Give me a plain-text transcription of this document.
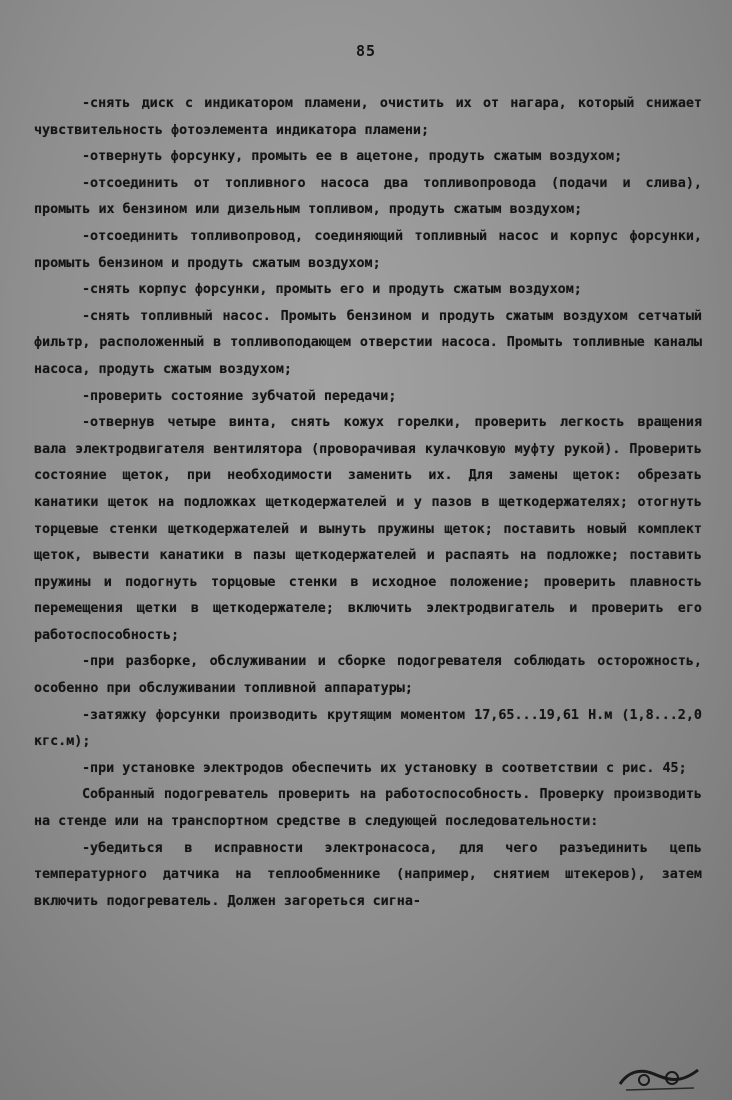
85

-снять диск с индикатором пламени, очистить их от нагара, который снижает чувствительность фотоэлемента индикатора пламени;

-отвернуть форсунку, промыть ее в ацетоне, продуть сжатым воздухом;

-отсоединить от топливного насоса два топливопровода (подачи и слива), промыть их бензином или дизельным топливом, продуть сжатым воздухом;

-отсоединить топливопровод, соединяющий топливный насос и корпус форсунки, промыть бензином и продуть сжатым воздухом;

-снять корпус форсунки, промыть его и продуть сжатым воздухом;

-снять топливный насос. Промыть бензином и продуть сжатым воздухом сетчатый фильтр, расположенный в топливоподающем отверстии насоса. Промыть топливные каналы насоса, продуть сжатым воздухом;

-проверить состояние зубчатой передачи;

-отвернув четыре винта, снять кожух горелки, проверить легкость вращения вала электродвигателя вентилятора (проворачивая кулачковую муфту рукой). Проверить состояние щеток, при необходимости заменить их. Для замены щеток: обрезать канатики щеток на подложках щеткодержателей и у пазов в щеткодержателях; отогнуть торцевые стенки щеткодержателей и вынуть пружины щеток; поставить новый комплект щеток, вывести канатики в пазы щеткодержателей и распаять на подложке; поставить пружины и подогнуть торцовые стенки в исходное положение; проверить плавность перемещения щетки в щеткодержателе; включить электродвигатель и проверить его работоспособность;

-при разборке, обслуживании и сборке подогревателя соблюдать осторожность, особенно при обслуживании топливной аппаратуры;

-затяжку форсунки производить крутящим моментом 17,65...19,61 Н.м (1,8...2,0 кгс.м);

-при установке электродов обеспечить их установку в соответствии с рис. 45;

Собранный подогреватель проверить на работоспособность. Проверку производить на стенде или на транспортном средстве в следующей последовательности:

-убедиться в исправности электронасоса, для чего разъединить цепь температурного датчика на теплообменнике (например, снятием штекеров), затем включить подогреватель. Должен загореться сигна-
